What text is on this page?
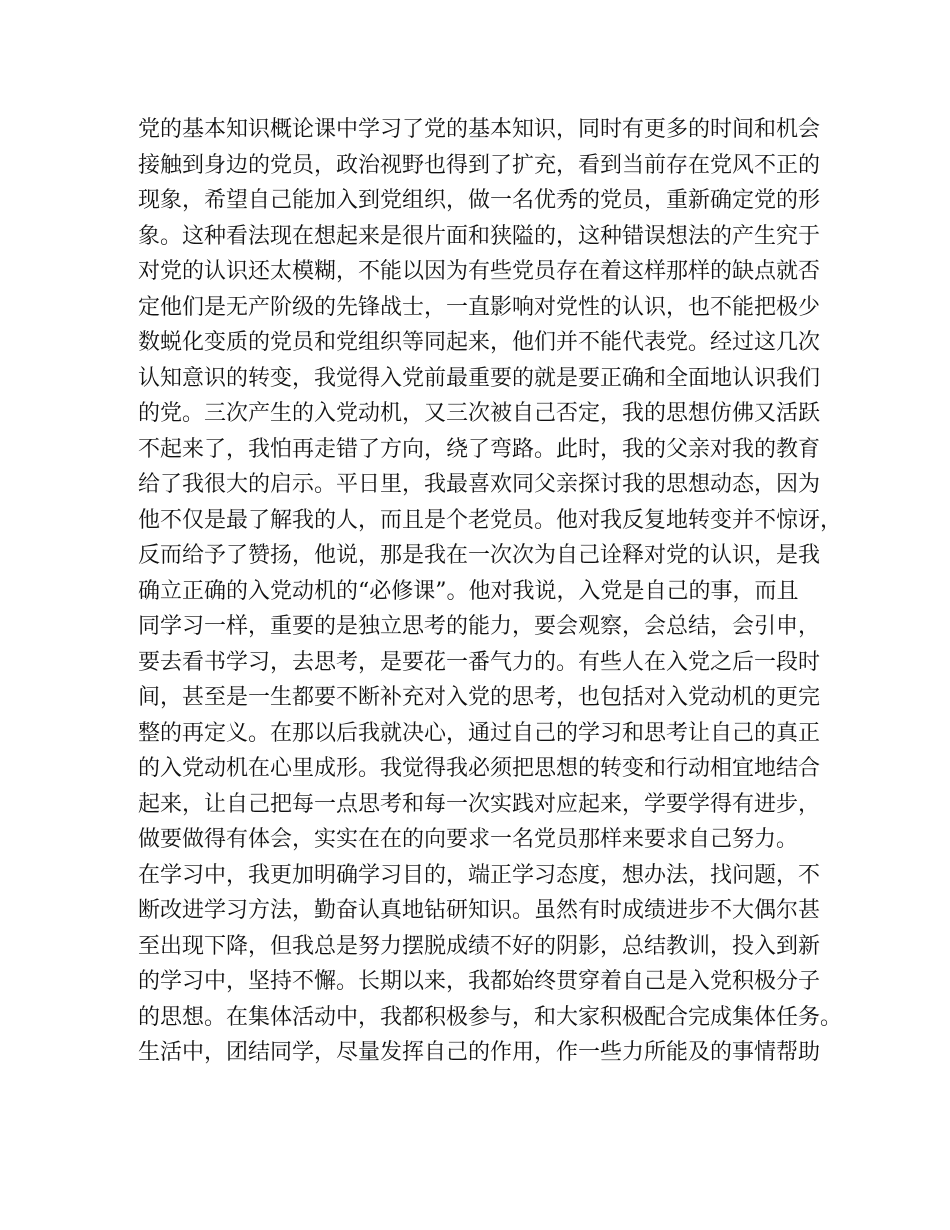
党的基本知识概论课中学习了党的基本知识，同时有更多的时间和机会
接触到身边的党员，政治视野也得到了扩充，看到当前存在党风不正的
现象，希望自己能加入到党组织，做一名优秀的党员，重新确定党的形
象。这种看法现在想起来是很片面和狭隘的，这种错误想法的产生究于
对党的认识还太模糊，不能以因为有些党员存在着这样那样的缺点就否
定他们是无产阶级的先锋战士，一直影响对党性的认识，也不能把极少
数蜕化变质的党员和党组织等同起来，他们并不能代表党。经过这几次
认知意识的转变，我觉得入党前最重要的就是要正确和全面地认识我们
的党。三次产生的入党动机，又三次被自己否定，我的思想仿佛又活跃
不起来了，我怕再走错了方向，绕了弯路。此时，我的父亲对我的教育
给了我很大的启示。平日里，我最喜欢同父亲探讨我的思想动态，因为
他不仅是最了解我的人，而且是个老党员。他对我反复地转变并不惊讶，
反而给予了赞扬，他说，那是我在一次次为自己诠释对党的认识，是我
确立正确的入党动机的“必修课”。他对我说，入党是自己的事，而且
同学习一样，重要的是独立思考的能力，要会观察，会总结，会引申，
要去看书学习，去思考，是要花一番气力的。有些人在入党之后一段时
间，甚至是一生都要不断补充对入党的思考，也包括对入党动机的更完
整的再定义。在那以后我就决心，通过自己的学习和思考让自己的真正
的入党动机在心里成形。我觉得我必须把思想的转变和行动相宜地结合
起来，让自己把每一点思考和每一次实践对应起来，学要学得有进步，
做要做得有体会，实实在在的向要求一名党员那样来要求自己努力。
在学习中，我更加明确学习目的，端正学习态度，想办法，找问题，不
断改进学习方法，勤奋认真地钻研知识。虽然有时成绩进步不大偶尔甚
至出现下降，但我总是努力摆脱成绩不好的阴影，总结教训，投入到新
的学习中，坚持不懈。长期以来，我都始终贯穿着自己是入党积极分子
的思想。在集体活动中，我都积极参与，和大家积极配合完成集体任务。
生活中，团结同学，尽量发挥自己的作用，作一些力所能及的事情帮助
